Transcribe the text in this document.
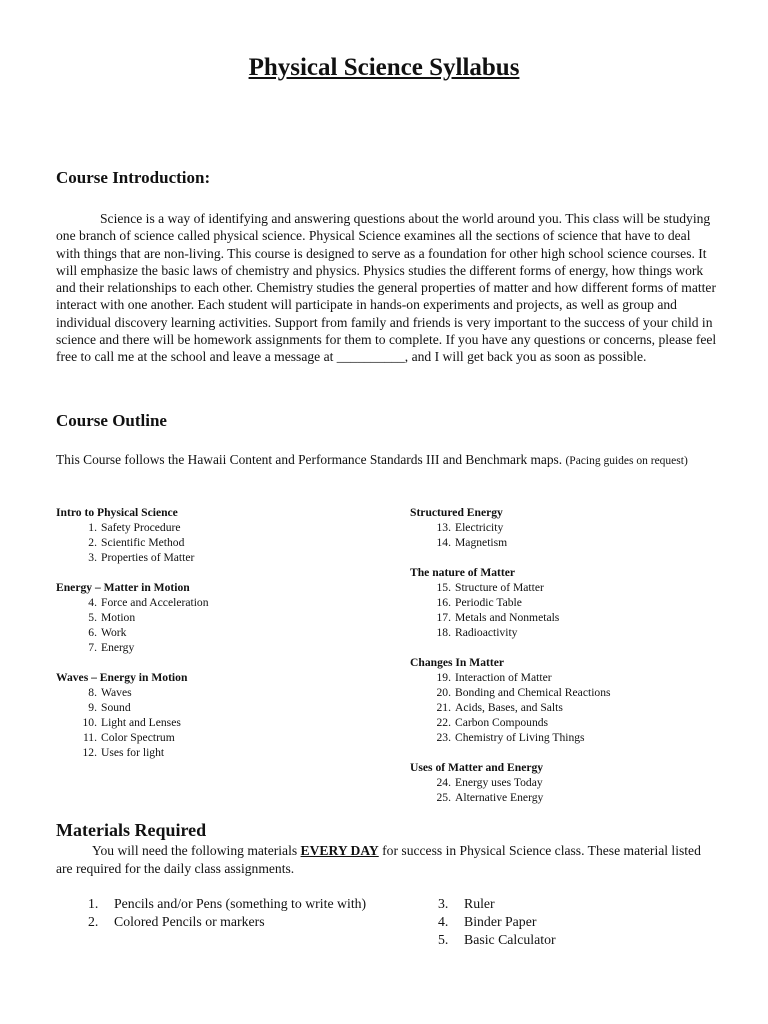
Physical Science Syllabus
Course Introduction:
Science is a way of identifying and answering questions about the world around you. This class will be studying one branch of science called physical science. Physical Science examines all the sections of science that have to deal with things that are non-living. This course is designed to serve as a foundation for other high school science courses. It will emphasize the basic laws of chemistry and physics. Physics studies the different forms of energy, how things work and their relationships to each other. Chemistry studies the general properties of matter and how different forms of matter interact with one another. Each student will participate in hands-on experiments and projects, as well as group and individual discovery learning activities. Support from family and friends is very important to the success of your child in science and there will be homework assignments for them to complete. If you have any questions or concerns, please feel free to call me at the school and leave a message at __________, and I will get back you as soon as possible.
Course Outline
This Course follows the Hawaii Content and Performance Standards III and Benchmark maps. (Pacing guides on request)
Intro to Physical Science
1. Safety Procedure
2. Scientific Method
3. Properties of Matter
Energy – Matter in Motion
4. Force and Acceleration
5. Motion
6. Work
7. Energy
Waves – Energy in Motion
8. Waves
9. Sound
10. Light and Lenses
11. Color Spectrum
12. Uses for light
Structured Energy
13. Electricity
14. Magnetism
The nature of Matter
15. Structure of Matter
16. Periodic Table
17. Metals and Nonmetals
18. Radioactivity
Changes In Matter
19. Interaction of Matter
20. Bonding and Chemical Reactions
21. Acids, Bases, and Salts
22. Carbon Compounds
23. Chemistry of Living Things
Uses of Matter and Energy
24. Energy uses Today
25. Alternative Energy
Materials Required
You will need the following materials EVERY DAY for success in Physical Science class. These material listed are required for the daily class assignments.
1.	Pencils and/or Pens (something to write with)
2.	Colored Pencils or markers
3.	Ruler
4.	Binder Paper
5.	Basic Calculator
